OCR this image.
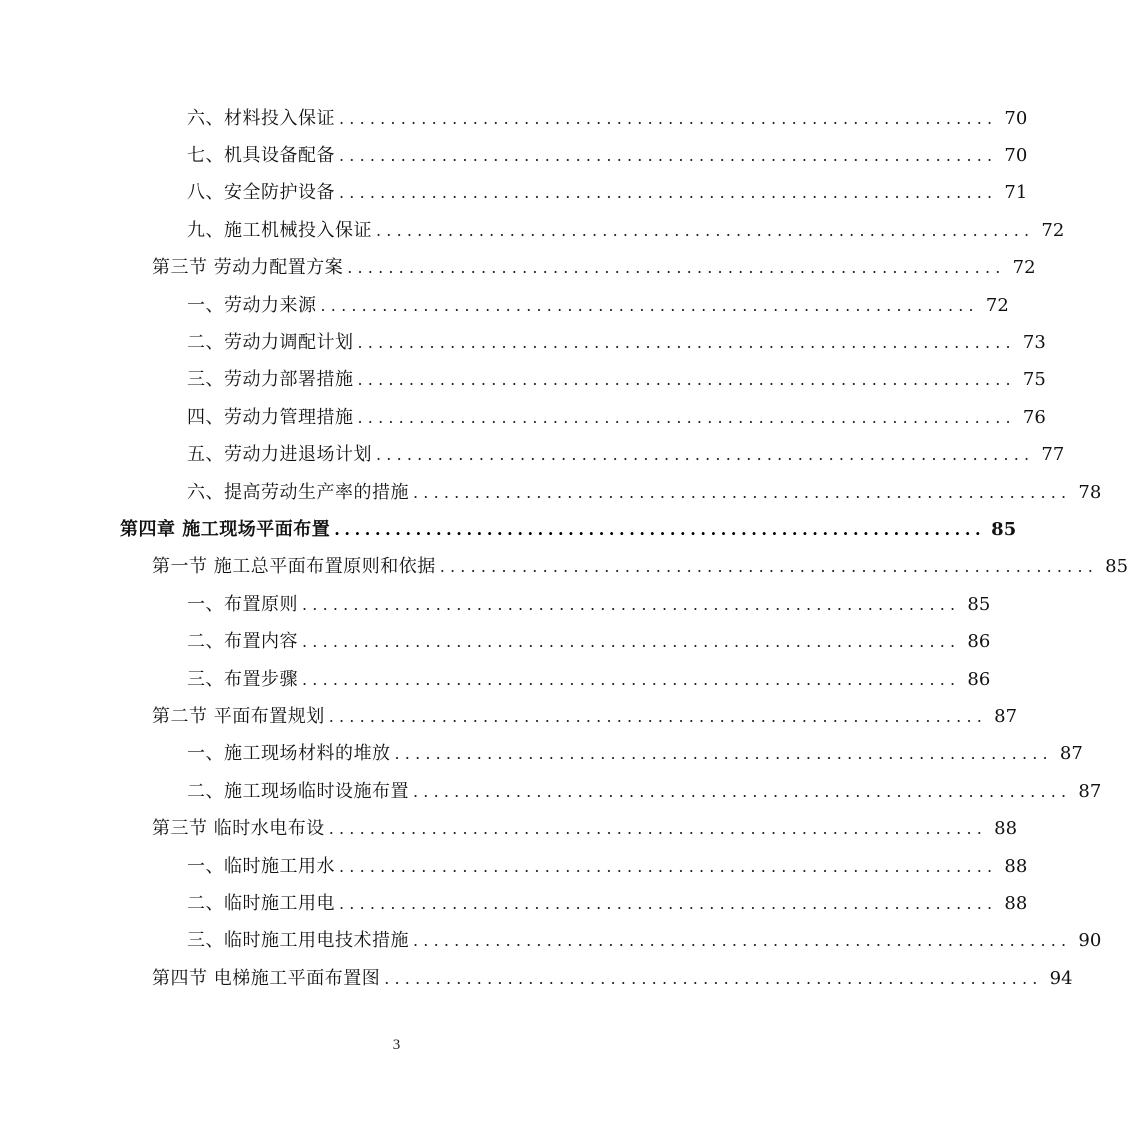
六、材料投入保证 ................................................................ 70
七、机具设备配备 ................................................................ 70
八、安全防护设备 ................................................................ 71
九、施工机械投入保证 ................................................................ 72
第三节 劳动力配置方案 ................................................................ 72
一、劳动力来源 ................................................................ 72
二、劳动力调配计划 ................................................................ 73
三、劳动力部署措施 ................................................................ 75
四、劳动力管理措施 ................................................................ 76
五、劳动力进退场计划 ................................................................ 77
六、提高劳动生产率的措施 ................................................................ 78
第四章 施工现场平面布置 ................................................................ 85
第一节 施工总平面布置原则和依据 ................................................................ 85
一、布置原则 ................................................................ 85
二、布置内容 ................................................................ 86
三、布置步骤 ................................................................ 86
第二节 平面布置规划 ................................................................ 87
一、施工现场材料的堆放 ................................................................ 87
二、施工现场临时设施布置 ................................................................ 87
第三节 临时水电布设 ................................................................ 88
一、临时施工用水 ................................................................ 88
二、临时施工用电 ................................................................ 88
三、临时施工用电技术措施 ................................................................ 90
第四节 电梯施工平面布置图 ................................................................ 94
3
